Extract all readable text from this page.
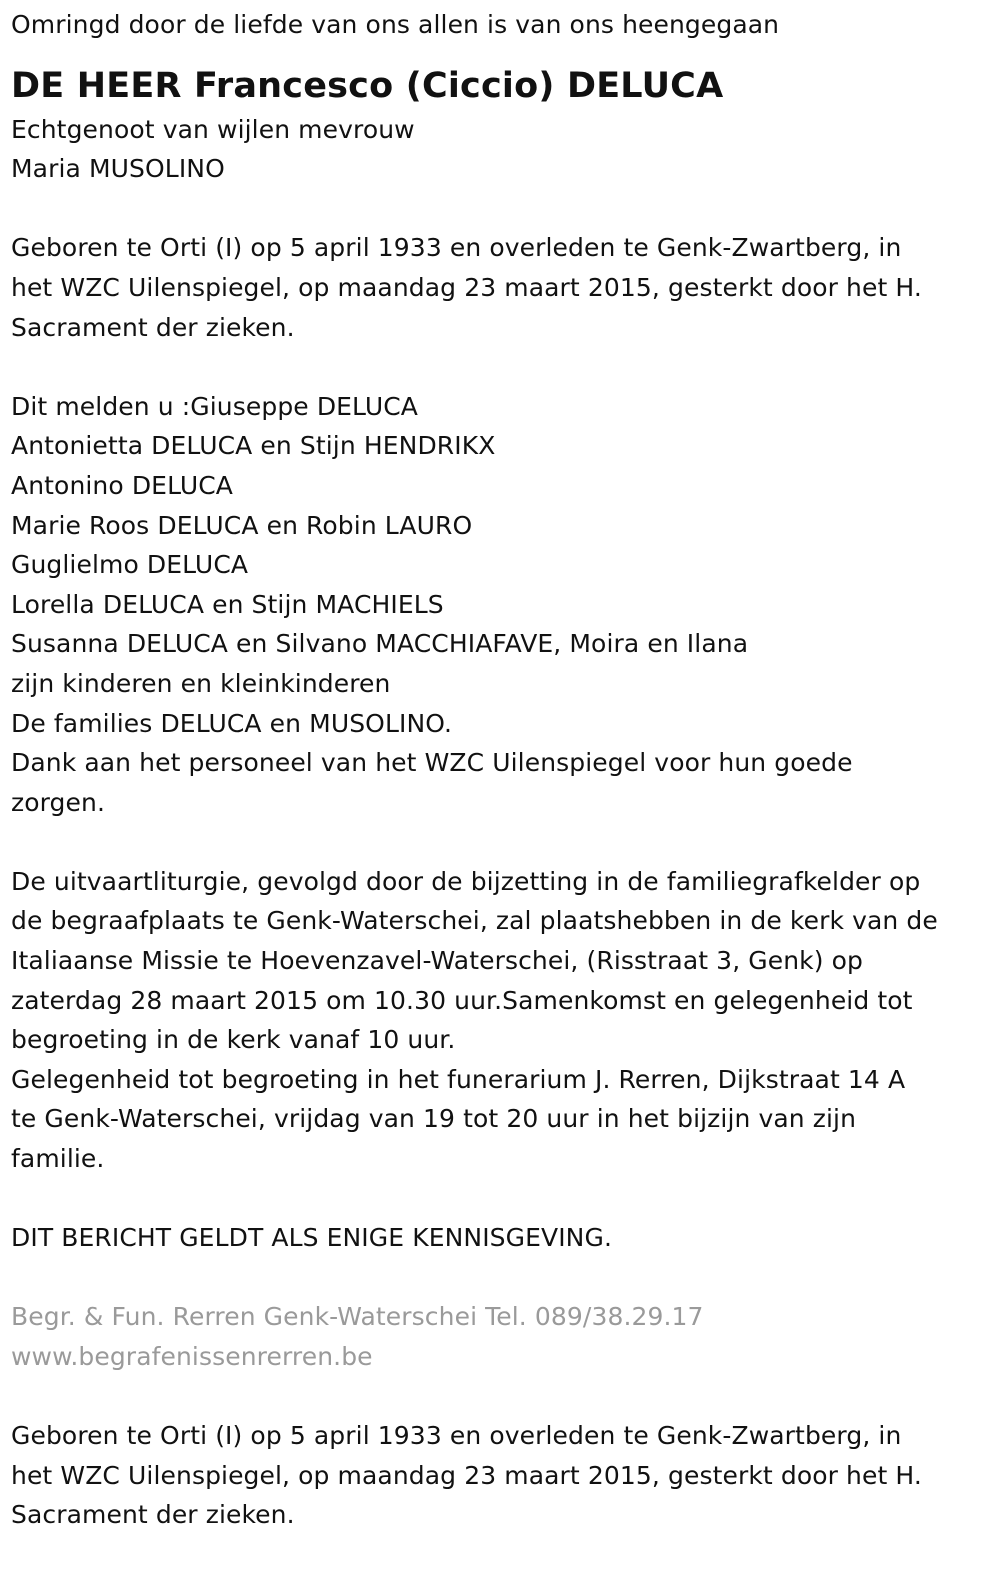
Omringd door de liefde van ons allen is van ons heengegaan
DE HEER Francesco (Ciccio) DELUCA
Echtgenoot van wijlen mevrouw
Maria MUSOLINO
Geboren te Orti (I) op 5 april 1933 en overleden te Genk-Zwartberg, in
het WZC Uilenspiegel, op maandag 23 maart 2015, gesterkt door het H.
Sacrament der zieken.
Dit melden u :Giuseppe DELUCA
Antonietta DELUCA en Stijn HENDRIKX
Antonino DELUCA
Marie Roos DELUCA en Robin LAURO
Guglielmo DELUCA
Lorella DELUCA en Stijn MACHIELS
Susanna DELUCA en Silvano MACCHIAFAVE, Moira en Ilana
zijn kinderen en kleinkinderen
De families DELUCA en MUSOLINO.
Dank aan het personeel van het WZC Uilenspiegel voor hun goede
zorgen.
De uitvaartliturgie, gevolgd door de bijzetting in de familiegrafkelder op
de begraafplaats te Genk-Waterschei, zal plaatshebben in de kerk van de
Italiaanse Missie te Hoevenzavel-Waterschei, (Risstraat 3, Genk) op
zaterdag 28 maart 2015 om 10.30 uur.Samenkomst en gelegenheid tot
begroeting in de kerk vanaf 10 uur.
Gelegenheid tot begroeting in het funerarium J. Rerren, Dijkstraat 14 A
te Genk-Waterschei, vrijdag van 19 tot 20 uur in het bijzijn van zijn
familie.
DIT BERICHT GELDT ALS ENIGE KENNISGEVING.
Begr. & Fun. Rerren Genk-Waterschei Tel. 089/38.29.17
www.begrafenissenrerren.be
Geboren te Orti (I) op 5 april 1933 en overleden te Genk-Zwartberg, in
het WZC Uilenspiegel, op maandag 23 maart 2015, gesterkt door het H.
Sacrament der zieken.
